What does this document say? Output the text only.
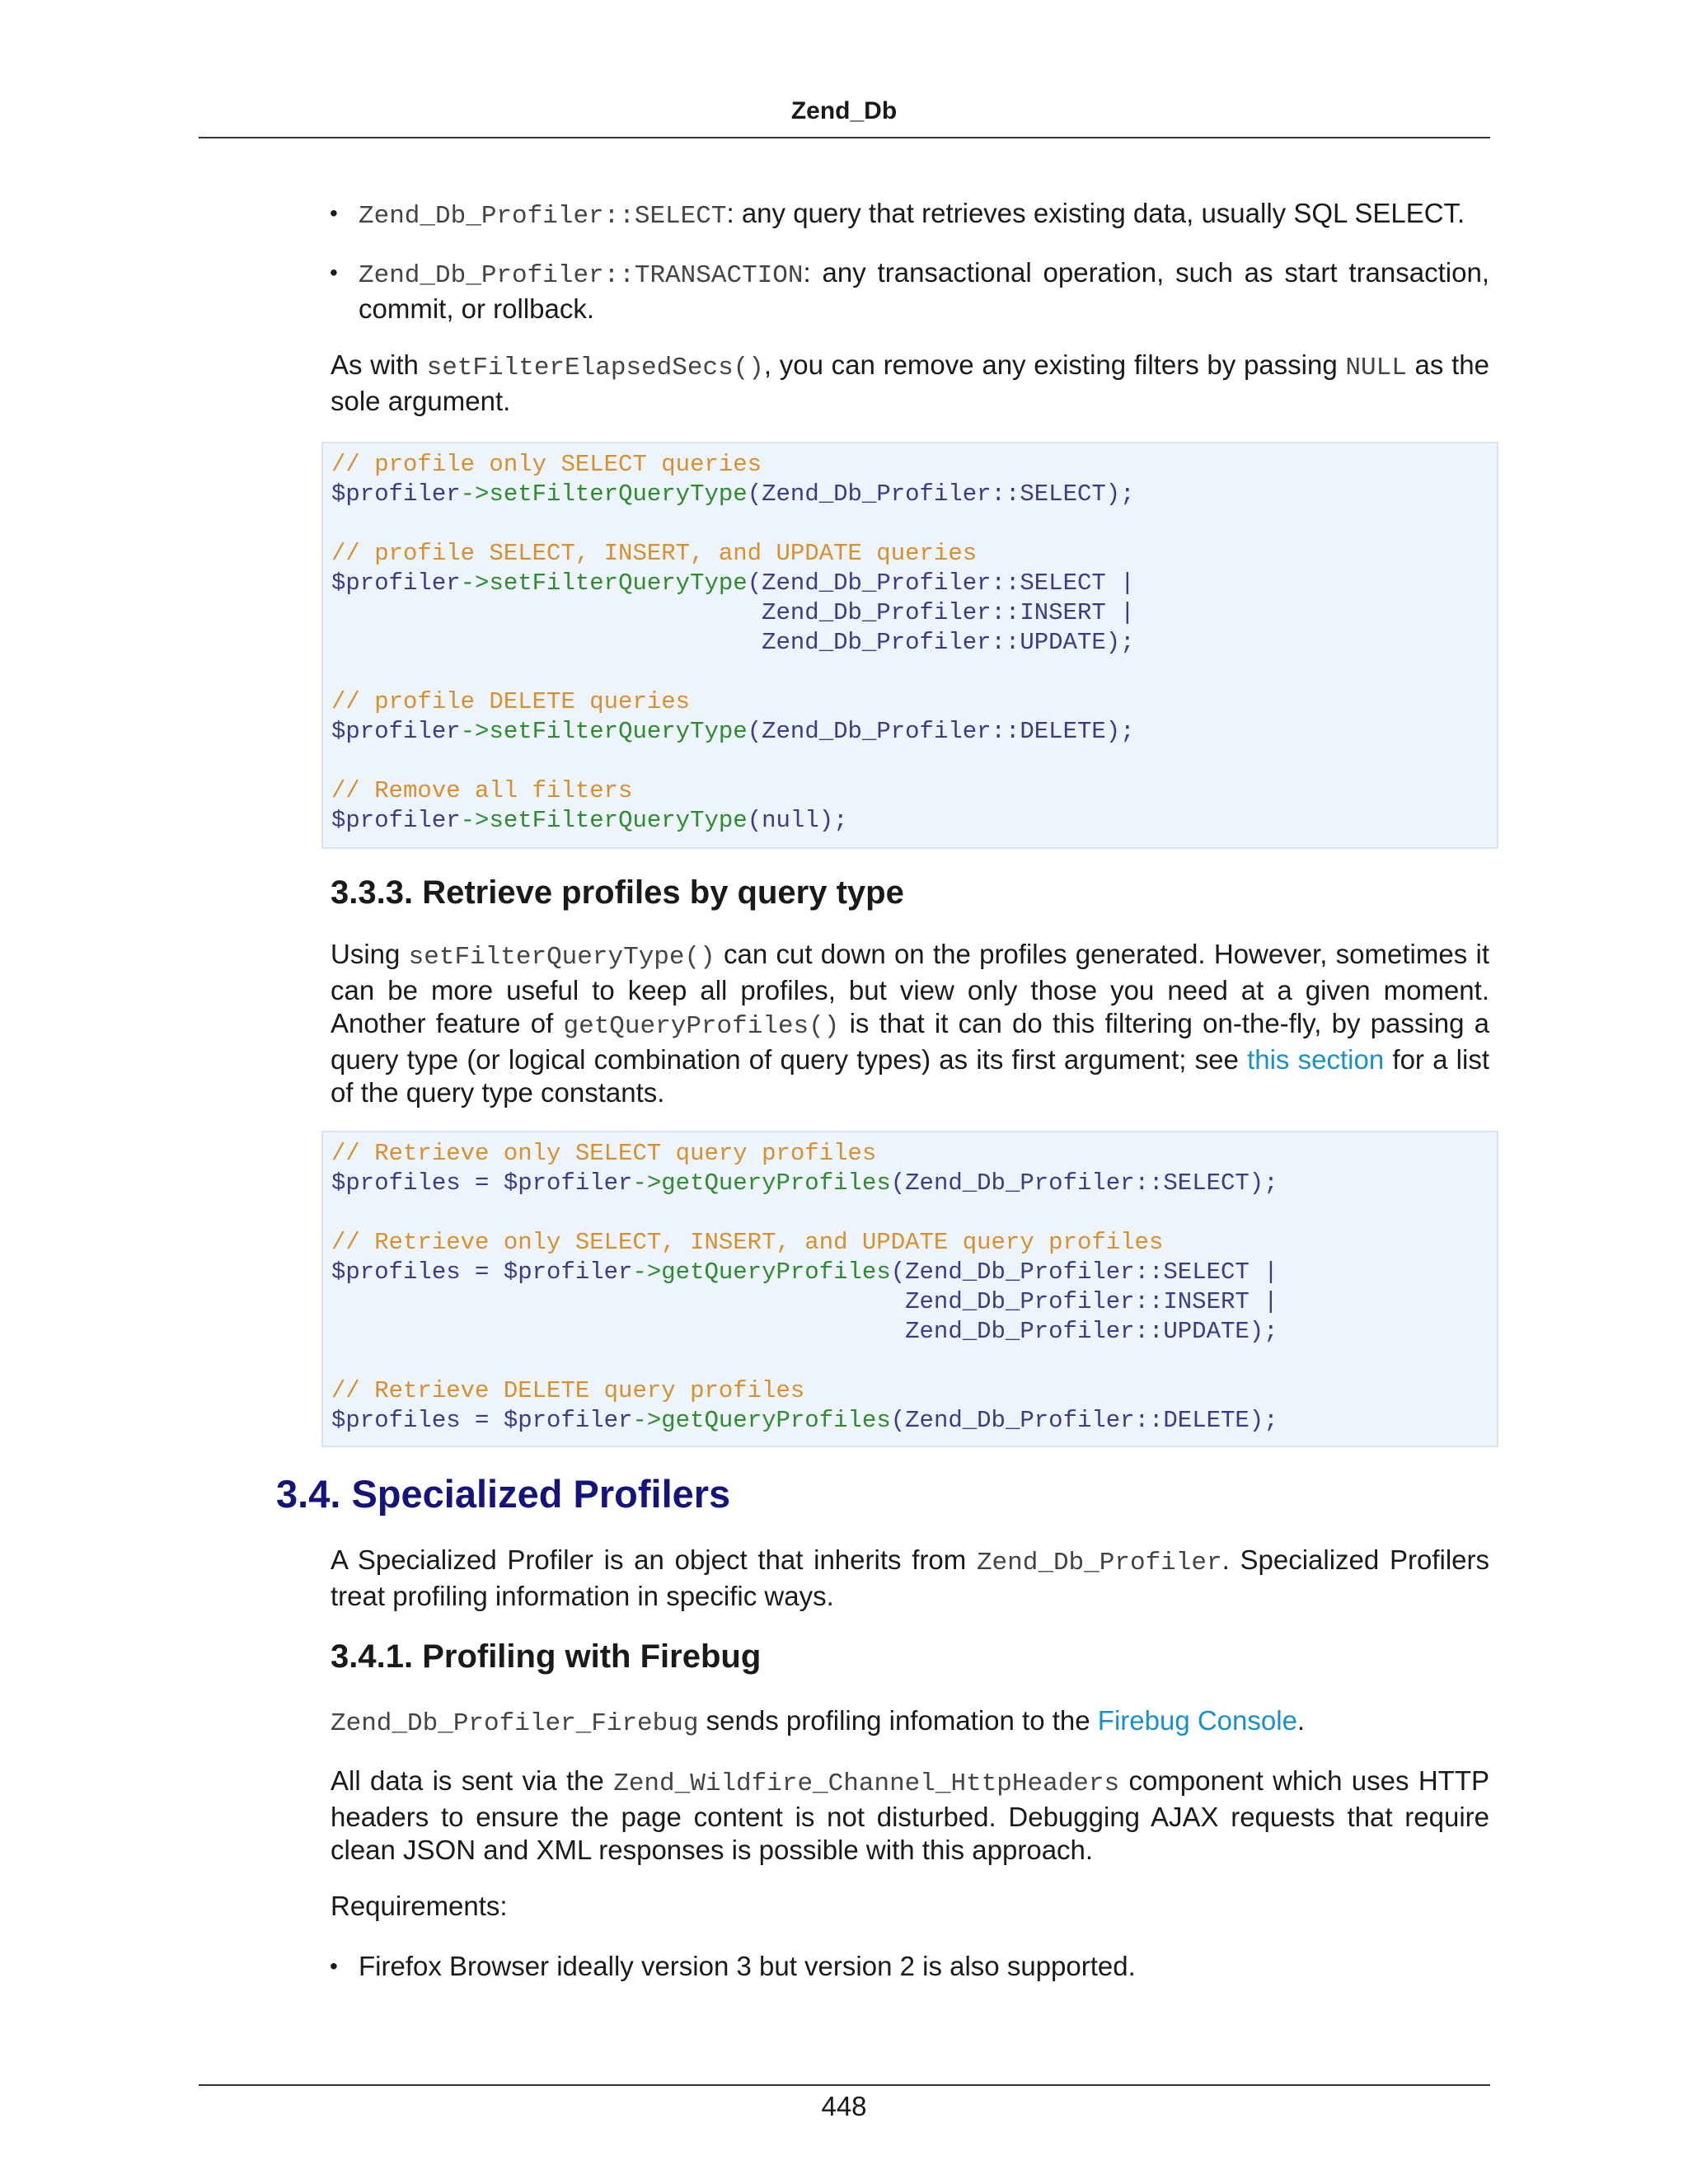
Zend_Db
• Zend_Db_Profiler::SELECT: any query that retrieves existing data, usually SQL SELECT.
• Zend_Db_Profiler::TRANSACTION: any transactional operation, such as start transaction, commit, or rollback.
As with setFilterElapsedSecs(), you can remove any existing filters by passing NULL as the sole argument.
// profile only SELECT queries
$profiler->setFilterQueryType(Zend_Db_Profiler::SELECT);

// profile SELECT, INSERT, and UPDATE queries
$profiler->setFilterQueryType(Zend_Db_Profiler::SELECT |
Zend_Db_Profiler::INSERT |
Zend_Db_Profiler::UPDATE);

// profile DELETE queries
$profiler->setFilterQueryType(Zend_Db_Profiler::DELETE);

// Remove all filters
$profiler->setFilterQueryType(null);
3.3.3. Retrieve profiles by query type
Using setFilterQueryType() can cut down on the profiles generated. However, sometimes it can be more useful to keep all profiles, but view only those you need at a given moment. Another feature of getQueryProfiles() is that it can do this filtering on-the-fly, by passing a query type (or logical combination of query types) as its first argument; see this section for a list of the query type constants.
// Retrieve only SELECT query profiles
$profiles = $profiler->getQueryProfiles(Zend_Db_Profiler::SELECT);

// Retrieve only SELECT, INSERT, and UPDATE query profiles
$profiles = $profiler->getQueryProfiles(Zend_Db_Profiler::SELECT |
Zend_Db_Profiler::INSERT |
Zend_Db_Profiler::UPDATE);

// Retrieve DELETE query profiles
$profiles = $profiler->getQueryProfiles(Zend_Db_Profiler::DELETE);
3.4. Specialized Profilers
A Specialized Profiler is an object that inherits from Zend_Db_Profiler. Specialized Profilers treat profiling information in specific ways.
3.4.1. Profiling with Firebug
Zend_Db_Profiler_Firebug sends profiling infomation to the Firebug Console.
All data is sent via the Zend_Wildfire_Channel_HttpHeaders component which uses HTTP headers to ensure the page content is not disturbed. Debugging AJAX requests that require clean JSON and XML responses is possible with this approach.
Requirements:
• Firefox Browser ideally version 3 but version 2 is also supported.
448
